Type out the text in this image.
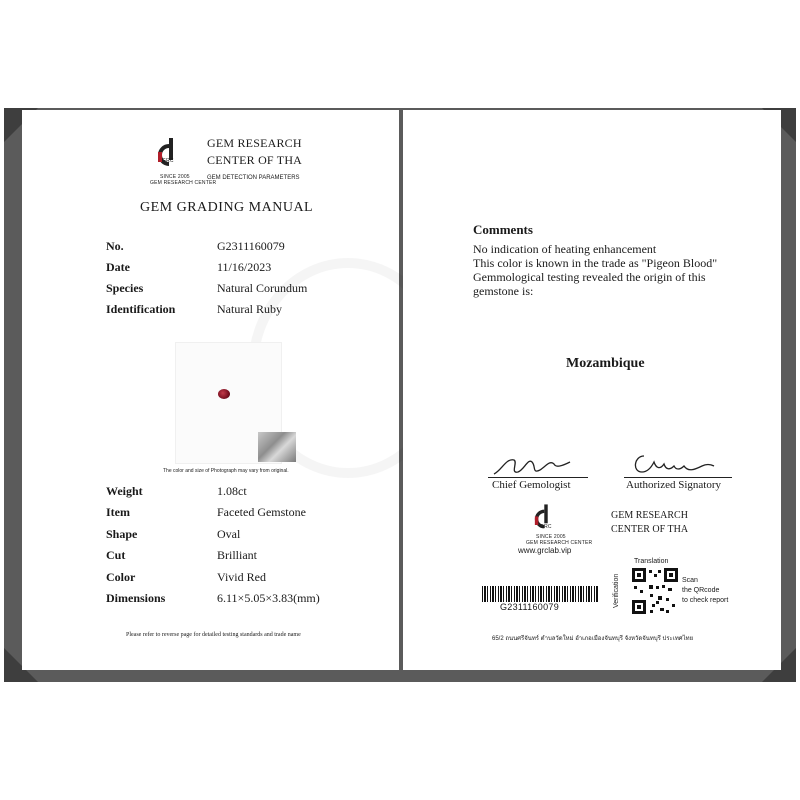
GRC
SINCE 2005
GEM RESEARCH CENTER
GEM RESEARCH
CENTER OF THA
GEM DETECTION PARAMETERS
GEM GRADING MANUAL
No.	G2311160079
Date	11/16/2023
Species	Natural Corundum
Identification	Natural Ruby
The color and size of Photograph may vary from original.
Weight	1.08ct
Item	Faceted Gemstone
Shape	Oval
Cut	Brilliant
Color	Vivid Red
Dimensions	6.11×5.05×3.83(mm)
Please refer to reverse page for detailed testing standards and trade name
Comments
No indication of heating enhancement
This color is known in the trade as "Pigeon Blood"
Gemmological testing revealed the origin of this
gemstone is:
Mozambique
Chief Gemologist	Authorized Signatory
GRC
SINCE 2005
GEM RESEARCH CENTER
www.grclab.vip
GEM RESEARCH
CENTER OF THA
G2311160079
Translation
Verification	Scan
the QRcode
to check report
65/2 ถนนศรีจันทร์ ตำบลวัดใหม่ อำเภอเมืองจันทบุรี จังหวัดจันทบุรี ประเทศไทย
